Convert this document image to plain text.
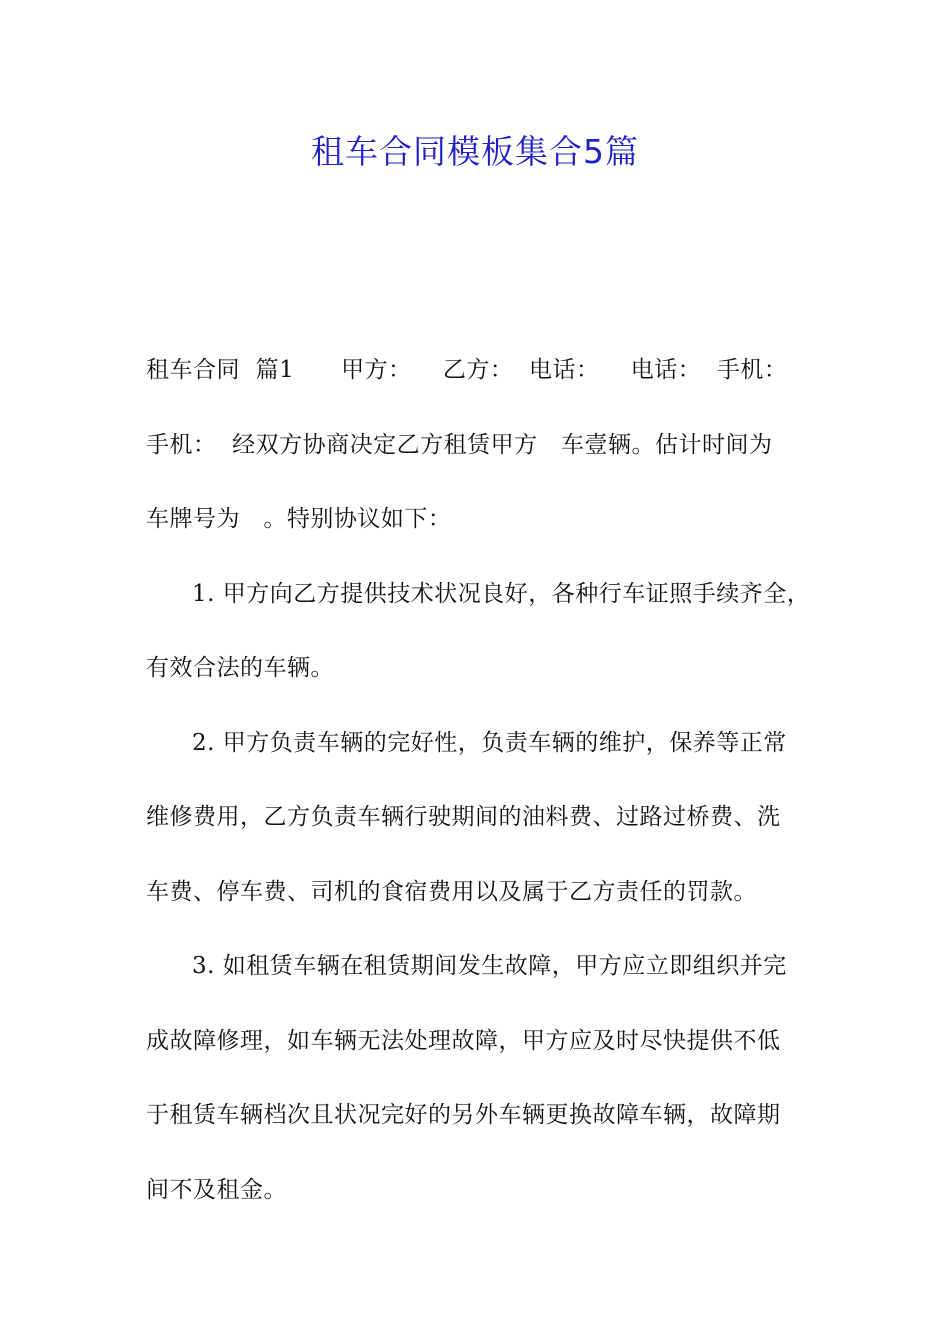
租车合同模板集合5篇
租车合同  篇1      甲方：    乙方：  电话：    电话：  手机：
手机：  经双方协商决定乙方租赁甲方   车壹辆。估计时间为
车牌号为   。特别协议如下：
1. 甲方向乙方提供技术状况良好，各种行车证照手续齐全，
有效合法的车辆。
2. 甲方负责车辆的完好性，负责车辆的维护，保养等正常
维修费用，乙方负责车辆行驶期间的油料费、过路过桥费、洗
车费、停车费、司机的食宿费用以及属于乙方责任的罚款。
3. 如租赁车辆在租赁期间发生故障，甲方应立即组织并完
成故障修理，如车辆无法处理故障，甲方应及时尽快提供不低
于租赁车辆档次且状况完好的另外车辆更换故障车辆，故障期
间不及租金。
